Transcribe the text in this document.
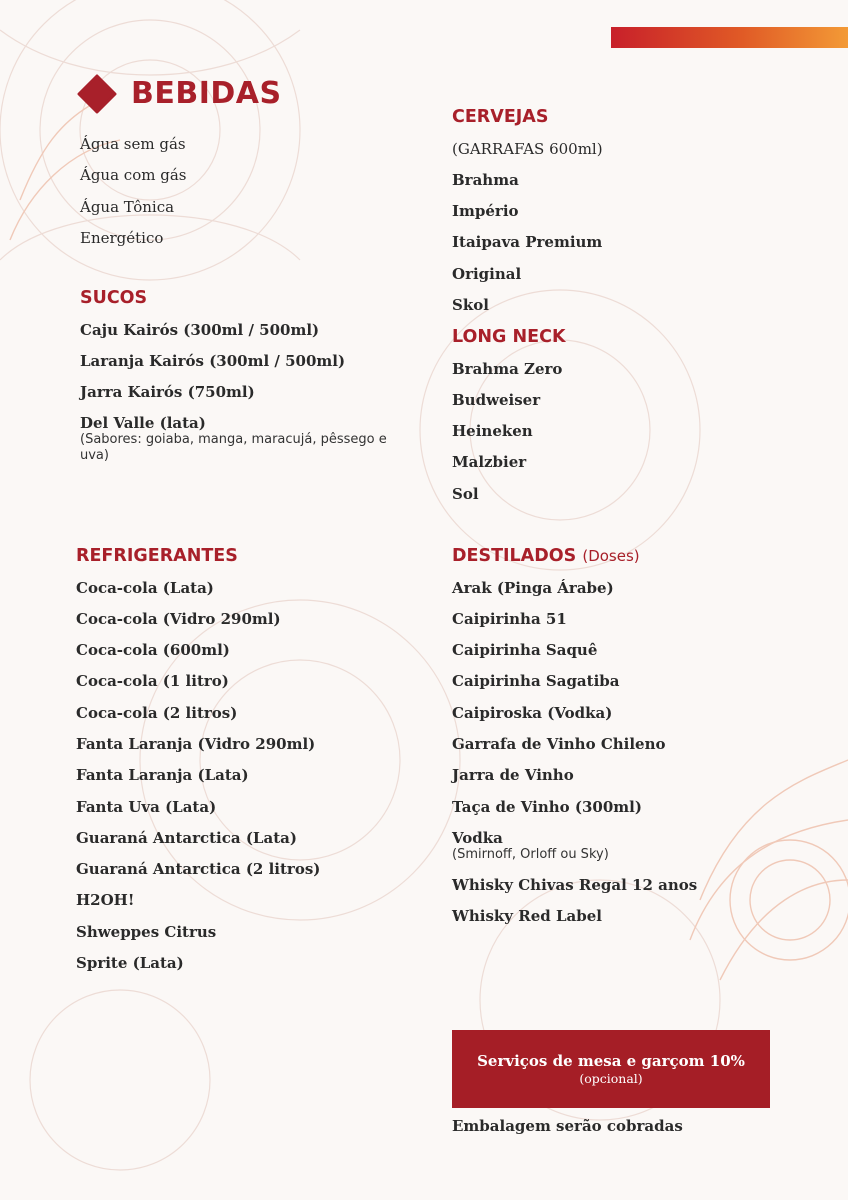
BEBIDAS
Água sem gás
Água com gás
Água Tônica
Energético
SUCOS
Caju Kairós (300ml / 500ml)
Laranja Kairós (300ml / 500ml)
Jarra Kairós (750ml)
Del Valle (lata)
(Sabores: goiaba, manga, maracujá, pêssego e uva)
REFRIGERANTES
Coca-cola (Lata)
Coca-cola (Vidro 290ml)
Coca-cola (600ml)
Coca-cola (1 litro)
Coca-cola (2 litros)
Fanta Laranja (Vidro 290ml)
Fanta Laranja (Lata)
Fanta Uva (Lata)
Guaraná Antarctica (Lata)
Guaraná Antarctica (2 litros)
H2OH!
Shweppes Citrus
Sprite (Lata)
CERVEJAS

(GARRAFAS 600ml)

Brahma
Império
Itaipava Premium
Original
Skol
LONG NECK
Brahma Zero
Budweiser
Heineken
Malzbier
Sol
DESTILADOS (Doses)
Arak (Pinga Árabe)
Caipirinha 51
Caipirinha Saquê
Caipirinha Sagatiba
Caipiroska (Vodka)
Garrafa de Vinho Chileno
Jarra de Vinho
Taça de Vinho (300ml)
Vodka
(Smirnoff, Orloff ou Sky)
Whisky Chivas Regal 12 anos
Whisky Red Label
Serviços de mesa e garçom 10%
(opcional)
Embalagem serão cobradas
